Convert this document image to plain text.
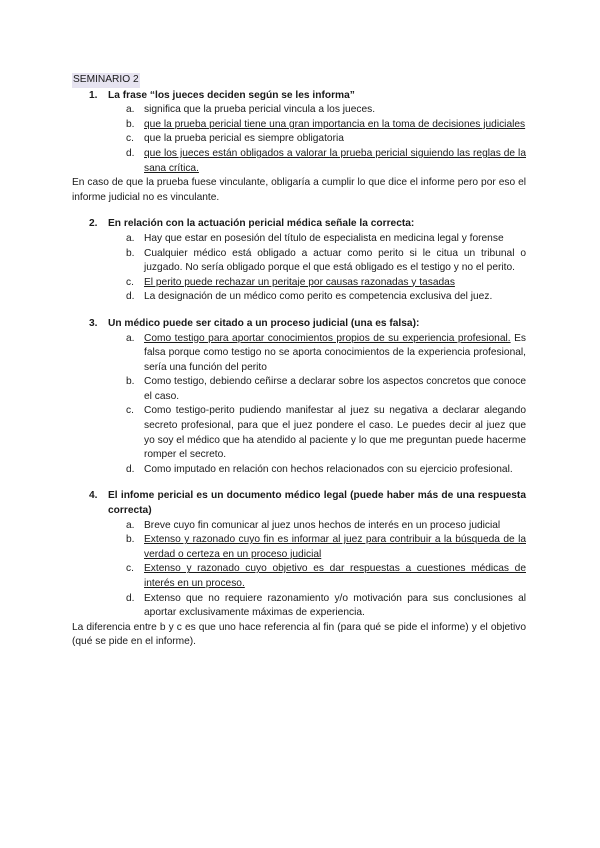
SEMINARIO 2
1. La frase “los jueces deciden según se les informa”
a. significa que la prueba pericial vincula a los jueces.
b. que la prueba pericial tiene una gran importancia en la toma de decisiones judiciales
c. que la prueba pericial es siempre obligatoria
d. que los jueces están obligados a valorar la prueba pericial siguiendo las reglas de la sana crítica.
En caso de que la prueba fuese vinculante, obligaría a cumplir lo que dice el informe pero por eso el informe judicial no es vinculante.
2. En relación con la actuación pericial médica señale la correcta:
a. Hay que estar en posesión del título de especialista en medicina legal y forense
b. Cualquier médico está obligado a actuar como perito si le citua un tribunal o juzgado. No sería obligado porque el que está obligado es el testigo y no el perito.
c. El perito puede rechazar un peritaje por causas razonadas y tasadas
d. La designación de un médico como perito es competencia exclusiva del juez.
3. Un médico puede ser citado a un proceso judicial (una es falsa):
a. Como testigo para aportar conocimientos propios de su experiencia profesional. Es falsa porque como testigo no se aporta conocimientos de la experiencia profesional, sería una función del perito
b. Como testigo, debiendo ceñirse a declarar sobre los aspectos concretos que conoce el caso.
c. Como testigo-perito pudiendo manifestar al juez su negativa a declarar alegando secreto profesional, para que el juez pondere el caso. Le puedes decir al juez que yo soy el médico que ha atendido al paciente y lo que me preguntan puede hacerme romper el secreto.
d. Como imputado en relación con hechos relacionados con su ejercicio profesional.
4. El infome pericial es un documento médico legal (puede haber más de una respuesta correcta)
a. Breve cuyo fin comunicar al juez unos hechos de interés en un proceso judicial
b. Extenso y razonado cuyo fin es informar al juez para contribuir a la búsqueda de la verdad o certeza en un proceso judicial
c. Extenso y razonado cuyo objetivo es dar respuestas a cuestiones médicas de interés en un proceso.
d. Extenso que no requiere razonamiento y/o motivación para sus conclusiones al aportar exclusivamente máximas de experiencia.
La diferencia entre b y c es que uno hace referencia al fin (para qué se pide el informe) y el objetivo (qué se pide en el informe).
